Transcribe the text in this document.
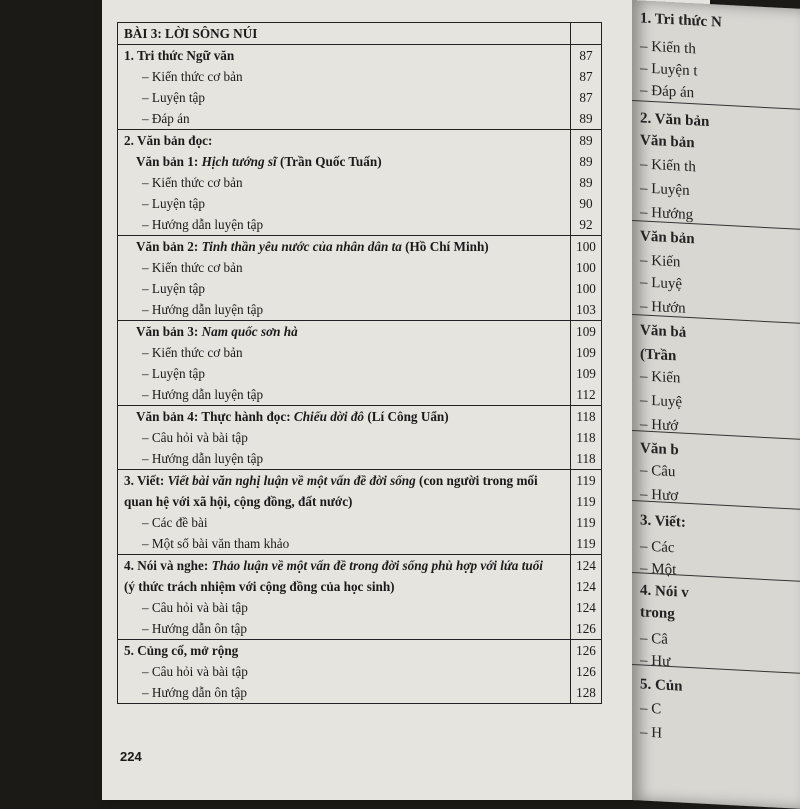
1. Tri thức N
– Kiến th
– Luyện t
– Đáp án
2. Văn bản
Văn bản
– Kiến th
– Luyện
– Hướng
Văn bản
– Kiến
– Luyệ
– Hướn
Văn bả
(Trần
– Kiến
– Luyệ
– Hướ
Văn b
– Câu
– Hươ
3. Viết:
– Các
– Một
4. Nói v
trong
– Câ
– Hư
5. Củn
– C
– H
BÀI 3: LỜI SÔNG NÚI	
1. Tri thức Ngữ văn	87
– Kiến thức cơ bản	87
– Luyện tập	87
– Đáp án	89
2. Văn bản đọc:	89
Văn bản 1: Hịch tướng sĩ (Trần Quốc Tuấn)	89
– Kiến thức cơ bản	89
– Luyện tập	90
– Hướng dẫn luyện tập	92
Văn bản 2: Tinh thần yêu nước của nhân dân ta (Hồ Chí Minh)	100
– Kiến thức cơ bản	100
– Luyện tập	100
– Hướng dẫn luyện tập	103
Văn bản 3: Nam quốc sơn hà	109
– Kiến thức cơ bản	109
– Luyện tập	109
– Hướng dẫn luyện tập	112
Văn bản 4: Thực hành đọc: Chiếu dời đô (Lí Công Uẩn)	118
– Câu hỏi và bài tập	118
– Hướng dẫn luyện tập	118
3. Viết: Viết bài văn nghị luận về một vấn đề đời sống (con người trong mối	119
quan hệ với xã hội, cộng đồng, đất nước)	119
– Các đề bài	119
– Một số bài văn tham khảo	119
4. Nói và nghe: Thảo luận về một vấn đề trong đời sống phù hợp với lứa tuổi	124
(ý thức trách nhiệm với cộng đồng của học sinh)	124
– Câu hỏi và bài tập	124
– Hướng dẫn ôn tập	126
5. Củng cố, mở rộng	126
– Câu hỏi và bài tập	126
– Hướng dẫn ôn tập	128
224
